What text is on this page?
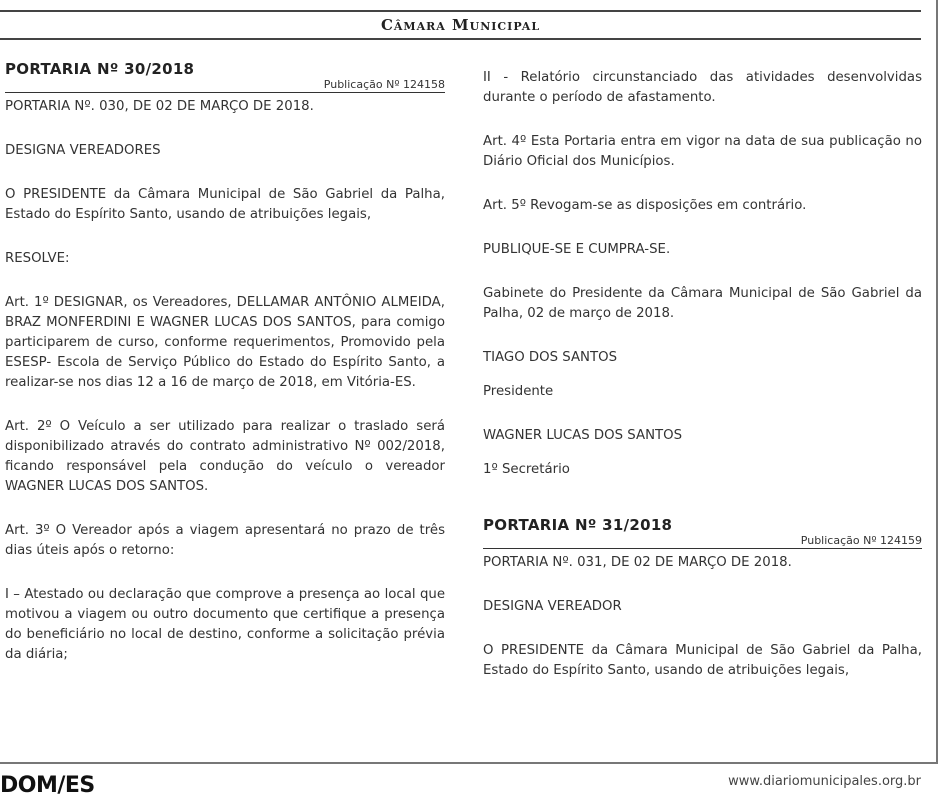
Câmara Municipal
PORTARIA Nº 30/2018
Publicação Nº 124158

PORTARIA Nº. 030, DE 02 DE MARÇO DE 2018.

DESIGNA VEREADORES

O PRESIDENTE da Câmara Municipal de São Gabriel da Palha, Estado do Espírito Santo, usando de atribuições legais,

RESOLVE:

Art. 1º DESIGNAR, os Vereadores, DELLAMAR ANTÔNIO ALMEIDA, BRAZ MONFERDINI E WAGNER LUCAS DOS SANTOS, para comigo participarem de curso, conforme requerimentos, Promovido pela ESESP- Escola de Serviço Público do Estado do Espírito Santo, a realizar-se nos dias 12 a 16 de março de 2018, em Vitória-ES.

Art. 2º O Veículo a ser utilizado para realizar o traslado será disponibilizado através do contrato administrativo Nº 002/2018, ficando responsável pela condução do veículo o vereador WAGNER LUCAS DOS SANTOS.

Art. 3º O Vereador após a viagem apresentará no prazo de três dias úteis após o retorno:

I – Atestado ou declaração que comprove a presença ao local que motivou a viagem ou outro documento que certifique a presença do beneficiário no local de destino, conforme a solicitação prévia da diária;

II - Relatório circunstanciado das atividades desenvolvidas durante o período de afastamento.

Art. 4º Esta Portaria entra em vigor na data de sua publicação no Diário Oficial dos Municípios.

Art. 5º Revogam-se as disposições em contrário.

PUBLIQUE-SE E CUMPRA-SE.

Gabinete do Presidente da Câmara Municipal de São Gabriel da Palha, 02 de março de 2018.

TIAGO DOS SANTOS

Presidente

WAGNER LUCAS DOS SANTOS

1º Secretário

PORTARIA Nº 31/2018
Publicação Nº 124159

PORTARIA Nº. 031, DE 02 DE MARÇO DE 2018.

DESIGNA VEREADOR

O PRESIDENTE da Câmara Municipal de São Gabriel da Palha, Estado do Espírito Santo, usando de atribuições legais,

DOM/ES	www.diariomunicipales.org.br
